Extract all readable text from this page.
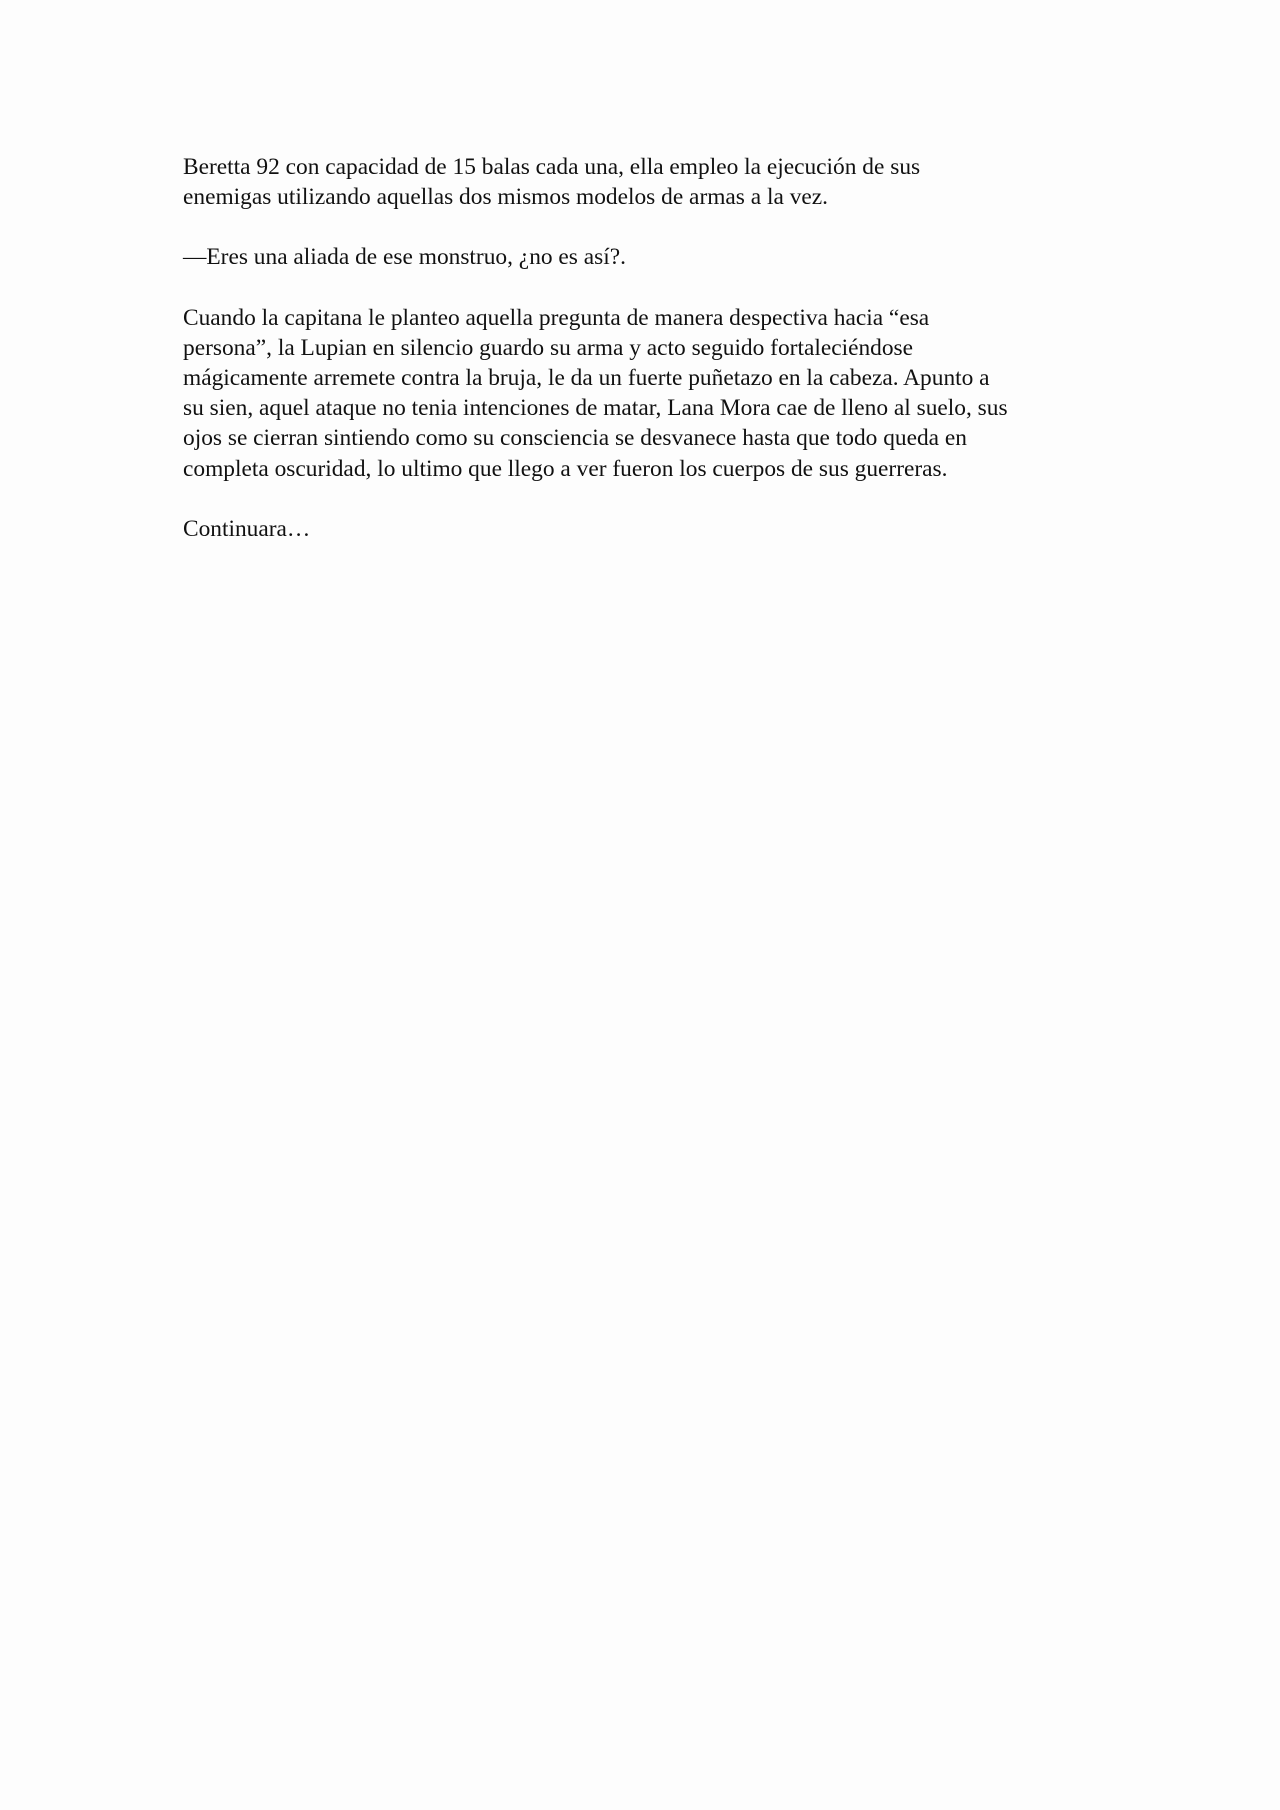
Beretta 92 con capacidad de 15 balas cada una, ella empleo la ejecución de sus
enemigas utilizando aquellas dos mismos modelos de armas a la vez.

—Eres una aliada de ese monstruo, ¿no es así?.

Cuando la capitana le planteo aquella pregunta de manera despectiva hacia “esa
persona”, la Lupian en silencio guardo su arma y acto seguido fortaleciéndose
mágicamente arremete contra la bruja, le da un fuerte puñetazo en la cabeza. Apunto a
su sien, aquel ataque no tenia intenciones de matar, Lana Mora cae de lleno al suelo, sus
ojos se cierran sintiendo como su consciencia se desvanece hasta que todo queda en
completa oscuridad, lo ultimo que llego a ver fueron los cuerpos de sus guerreras.

Continuara…
